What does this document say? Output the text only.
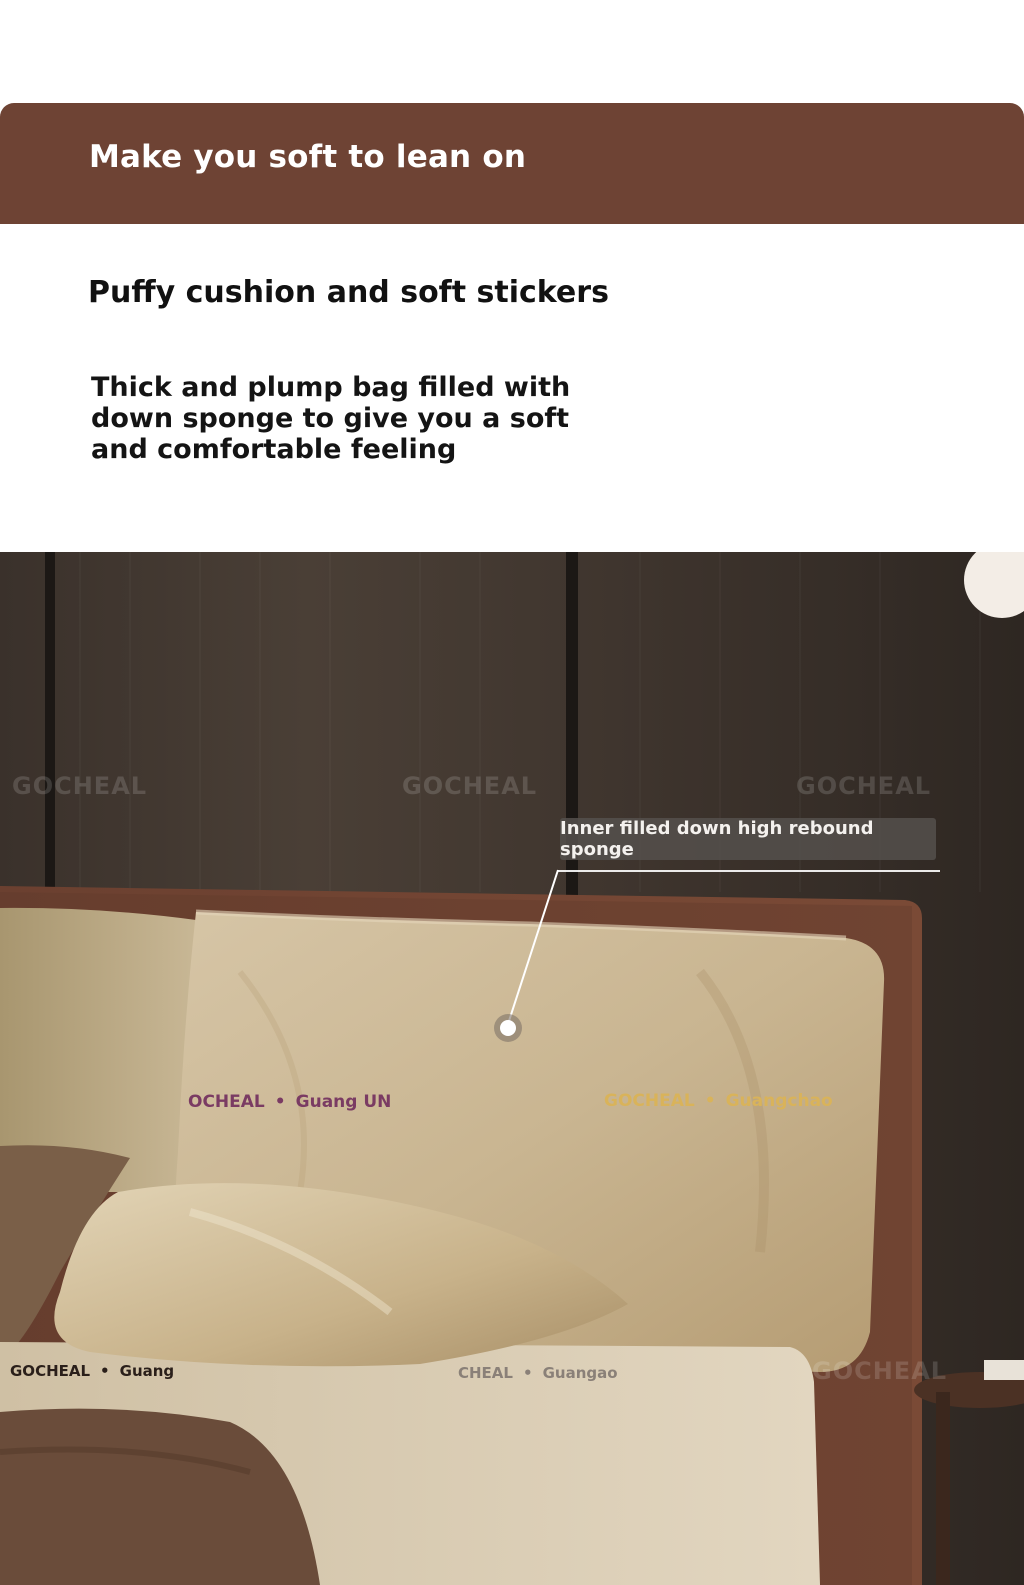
Make you soft to lean on
Puffy cushion and soft stickers

Thick and plump bag filled with
down sponge to give you a soft
and comfortable feeling

GOCHEAL	GOCHEAL	GOCHEAL
GOCHEAL
Inner filled down high rebound sponge
OCHEAL • Guang UN	GOCHEAL • Guangchao
GOCHEAL • Guang	CHEAL • Guangao
